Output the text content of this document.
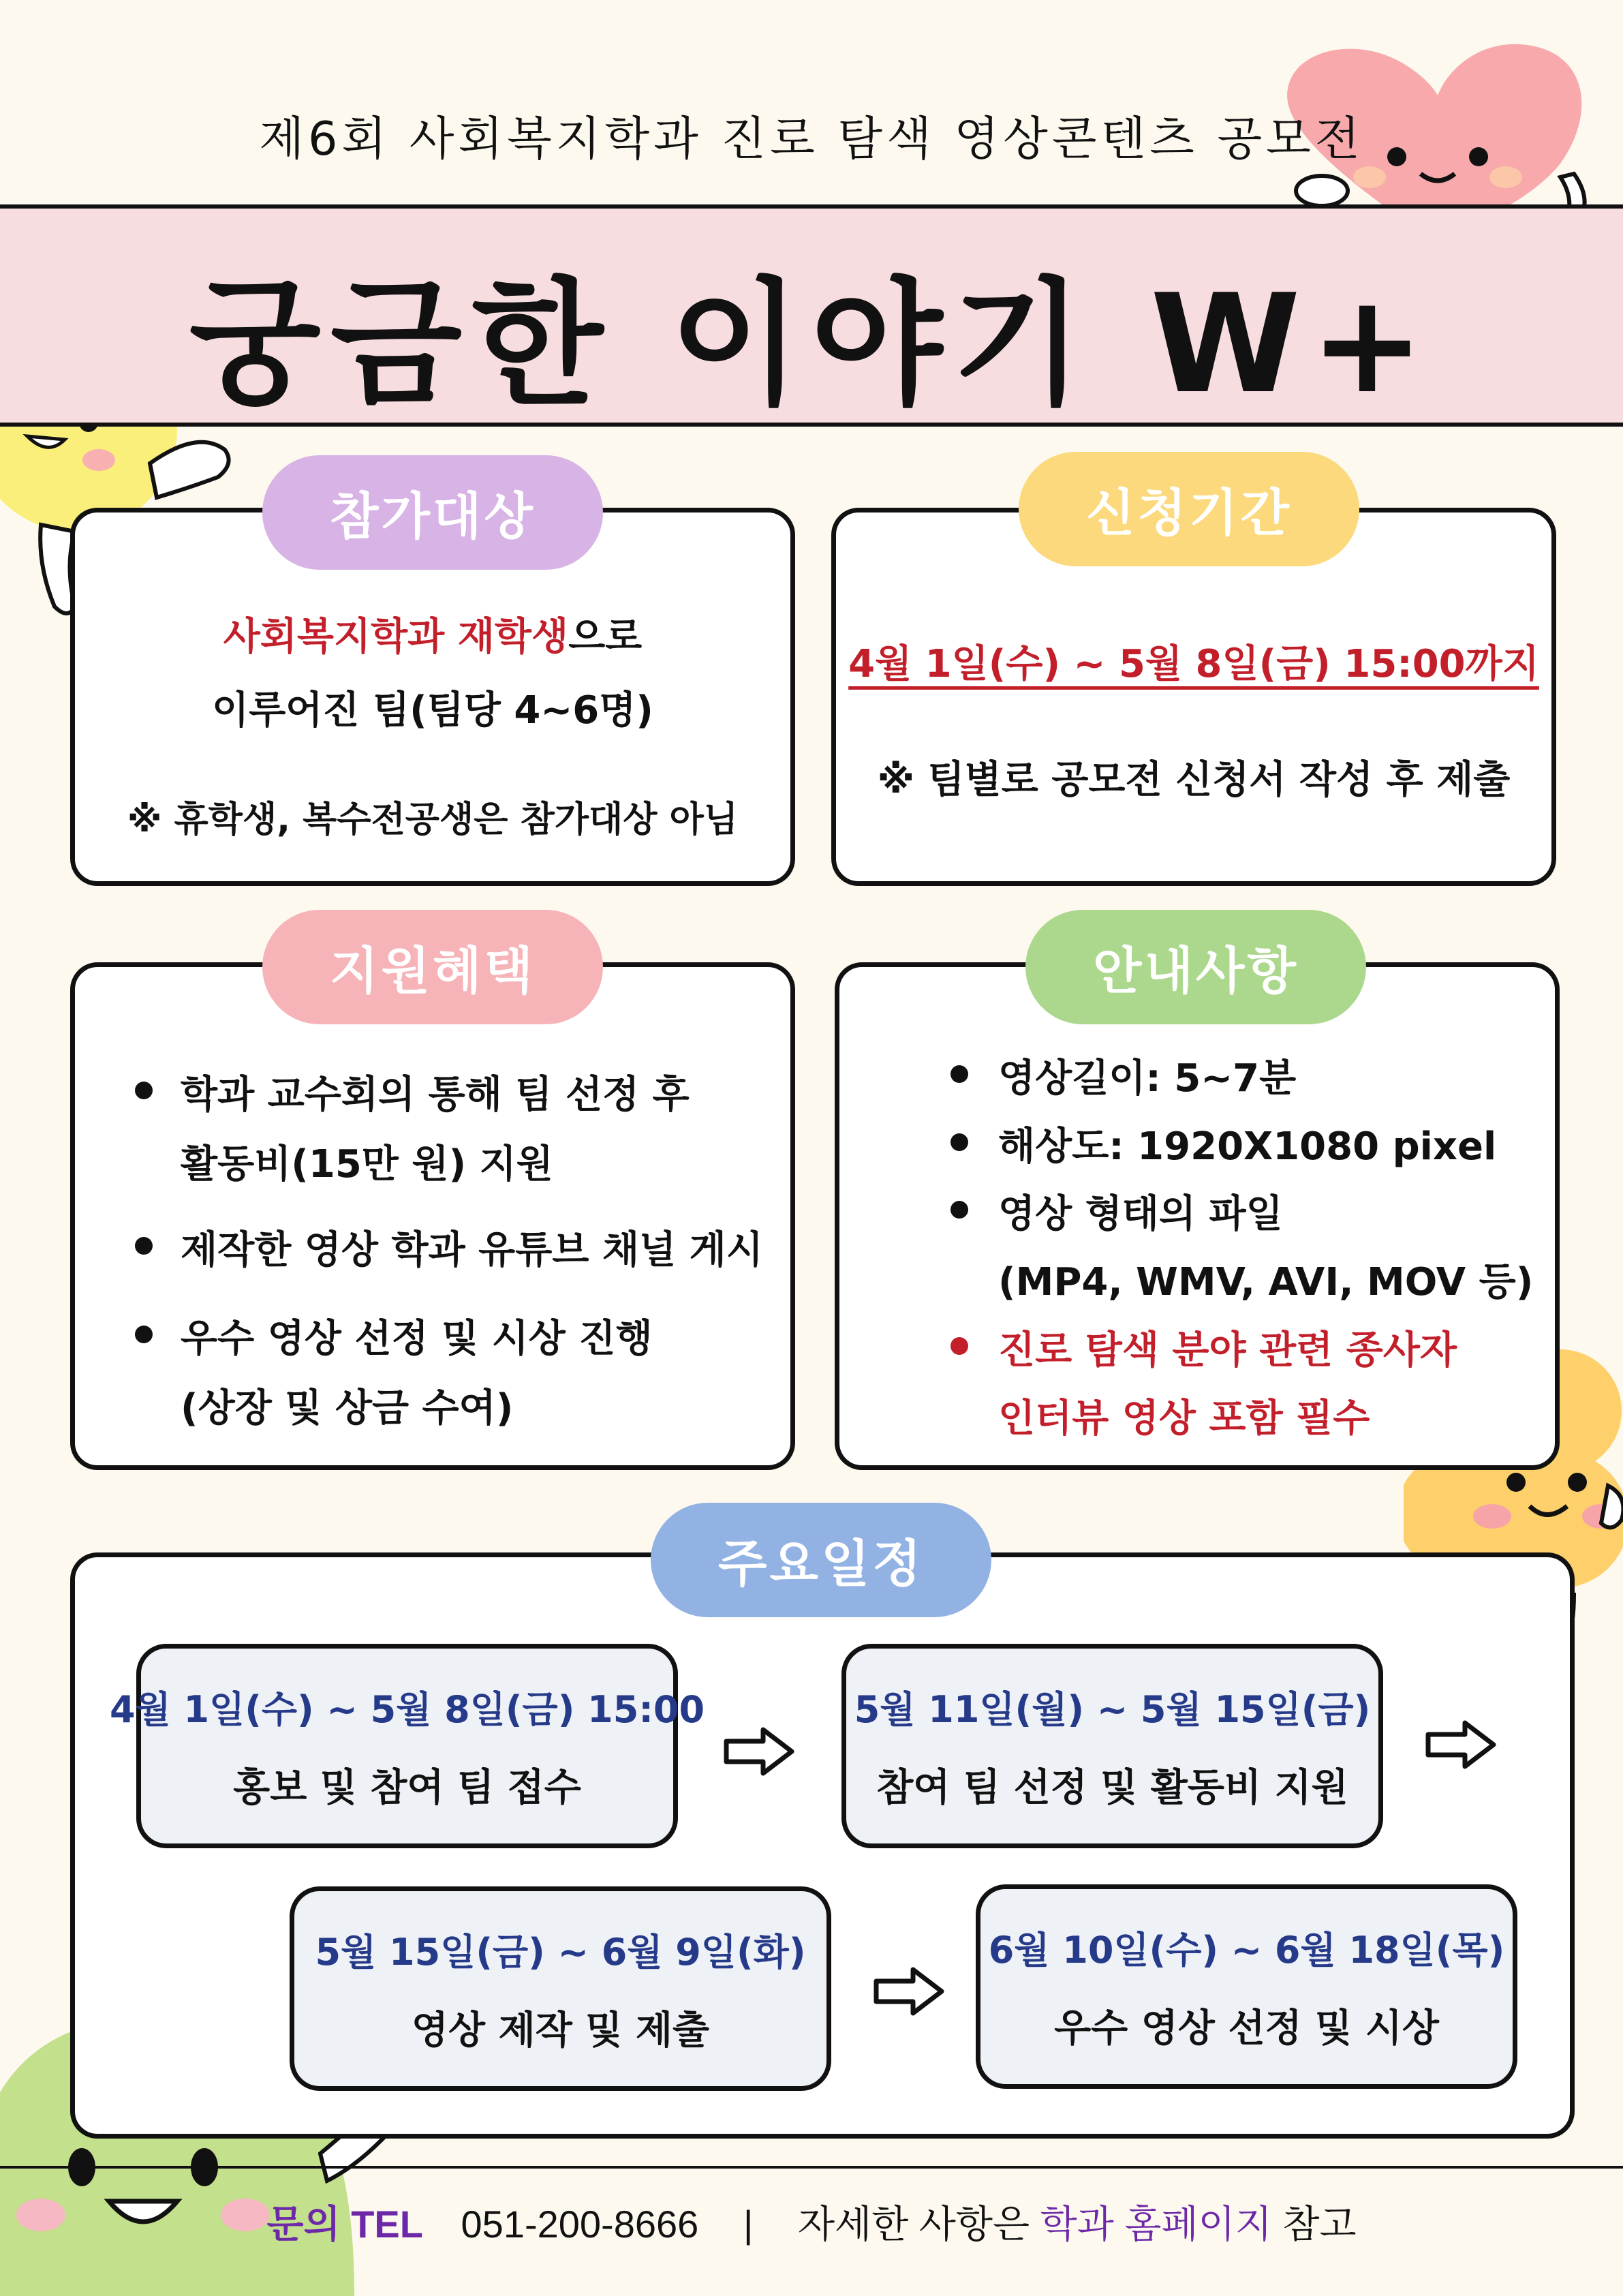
제6회 사회복지학과 진로 탐색 영상콘텐츠 공모전
궁금한 이야기 W+
참가대상
사회복지학과 재학생으로
이루어진 팀(팀당 4~6명)
※ 휴학생, 복수전공생은 참가대상 아님
신청기간
4월 1일(수) ~ 5월 8일(금) 15:00까지
※ 팀별로 공모전 신청서 작성 후 제출
지원혜택
학과 교수회의 통해 팀 선정 후
활동비(15만 원) 지원
제작한 영상 학과 유튜브 채널 게시
우수 영상 선정 및 시상 진행
(상장 및 상금 수여)
안내사항
영상길이: 5~7분
해상도: 1920X1080 pixel
영상 형태의 파일
(MP4, WMV, AVI, MOV 등)
진로 탐색 분야 관련 종사자
인터뷰 영상 포함 필수
주요일정
4월 1일(수) ~ 5월 8일(금) 15:00
홍보 및 참여 팀 접수
5월 11일(월) ~ 5월 15일(금)
참여 팀 선정 및 활동비 지원
5월 15일(금) ~ 6월 9일(화)
영상 제작 및 제출
6월 10일(수) ~ 6월 18일(목)
우수 영상 선정 및 시상
문의 TEL 051-200-8666 | 자세한 사항은 학과 홈페이지 참고
